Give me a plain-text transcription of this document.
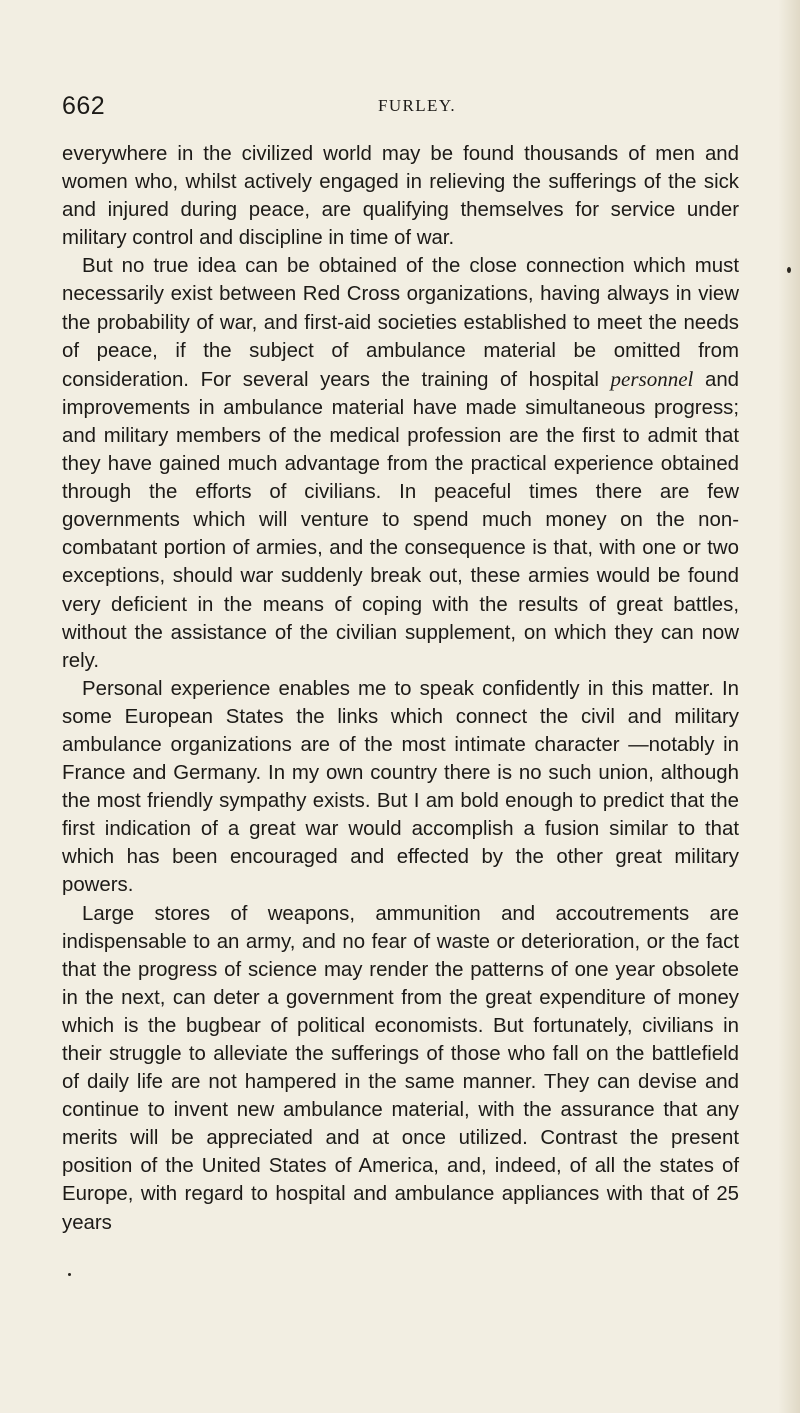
662	FURLEY.

everywhere in the civilized world may be found thousands of men and women who, whilst actively engaged in relieving the sufferings of the sick and injured during peace, are qualifying themselves for service under military control and discipline in time of war.

But no true idea can be obtained of the close connection which must necessarily exist between Red Cross organizations, having always in view the probability of war, and first-aid societies established to meet the needs of peace, if the subject of ambulance material be omitted from consideration. For several years the training of hospital personnel and improvements in ambulance material have made simultaneous progress; and military members of the medical profession are the first to admit that they have gained much advantage from the practical experience obtained through the efforts of civilians. In peaceful times there are few governments which will venture to spend much money on the non-combatant portion of armies, and the consequence is that, with one or two exceptions, should war suddenly break out, these armies would be found very deficient in the means of coping with the results of great battles, without the assistance of the civilian supplement, on which they can now rely.

Personal experience enables me to speak confidently in this matter. In some European States the links which connect the civil and military ambulance organizations are of the most intimate character —notably in France and Germany. In my own country there is no such union, although the most friendly sympathy exists. But I am bold enough to predict that the first indication of a great war would accomplish a fusion similar to that which has been encouraged and effected by the other great military powers.

Large stores of weapons, ammunition and accoutrements are indispensable to an army, and no fear of waste or deterioration, or the fact that the progress of science may render the patterns of one year obsolete in the next, can deter a government from the great expenditure of money which is the bugbear of political economists. But fortunately, civilians in their struggle to alleviate the sufferings of those who fall on the battlefield of daily life are not hampered in the same manner. They can devise and continue to invent new ambulance material, with the assurance that any merits will be appreciated and at once utilized. Contrast the present position of the United States of America, and, indeed, of all the states of Europe, with regard to hospital and ambulance appliances with that of 25 years
